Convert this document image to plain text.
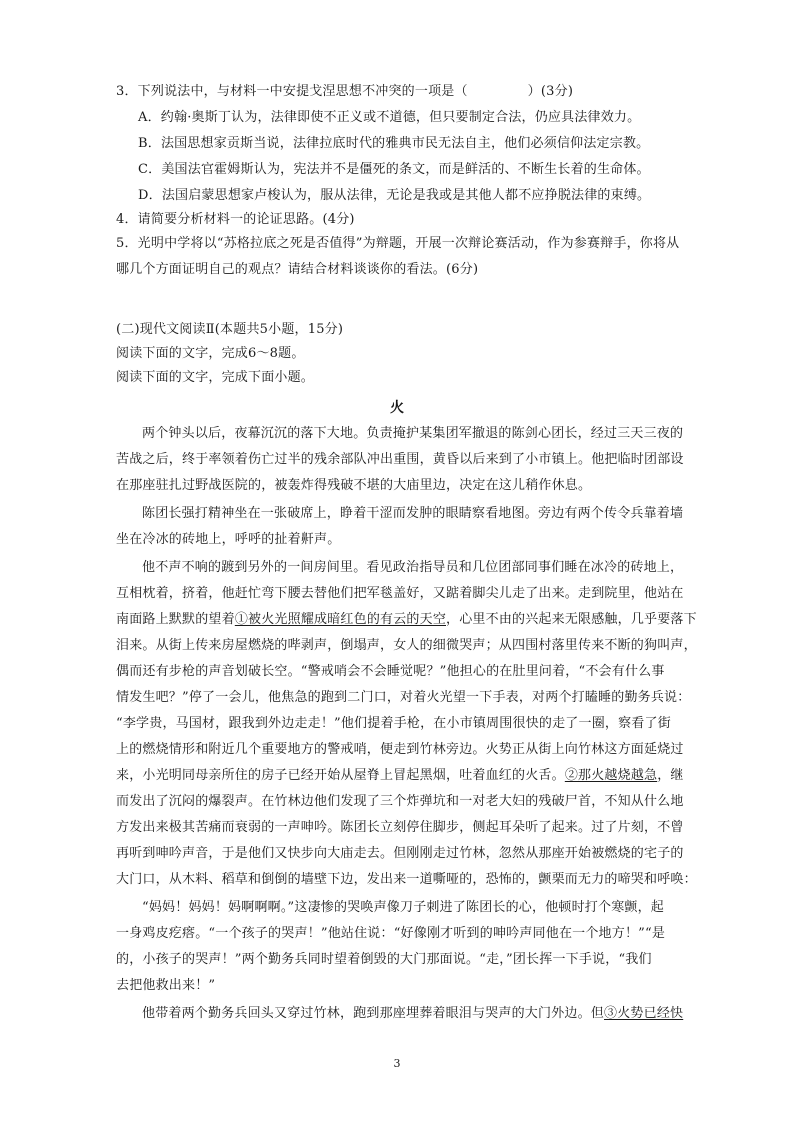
3．下列说法中，与材料一中安提戈涅思想不冲突的一项是（	）(3分)
A．约翰·奥斯丁认为，法律即使不正义或不道德，但只要制定合法，仍应具法律效力。
B．法国思想家贡斯当说，法律拉底时代的雅典市民无法自主，他们必须信仰法定宗教。
C．美国法官霍姆斯认为，宪法并不是僵死的条文，而是鲜活的、不断生长着的生命体。
D．法国启蒙思想家卢梭认为，服从法律，无论是我或是其他人都不应挣脱法律的束缚。
4．请简要分析材料一的论证思路。(4分)
5．光明中学将以“苏格拉底之死是否值得”为辩题，开展一次辩论赛活动，作为参赛辩手，你将从
哪几个方面证明自己的观点？请结合材料谈谈你的看法。(6分)
(二)现代文阅读Ⅱ(本题共5小题，15分)
阅读下面的文字，完成6～8题。
阅读下面的文字，完成下面小题。
火
两个钟头以后，夜幕沉沉的落下大地。负责掩护某集团军撤退的陈剑心团长，经过三天三夜的
苦战之后，终于率领着伤亡过半的残余部队冲出重围，黄昏以后来到了小市镇上。他把临时团部设
在那座驻扎过野战医院的，被轰炸得残破不堪的大庙里边，决定在这儿稍作休息。
陈团长强打精神坐在一张破席上，睁着干涩而发肿的眼睛察看地图。旁边有两个传令兵靠着墙
坐在冷冰的砖地上，呼呼的扯着鼾声。
他不声不响的踱到另外的一间房间里。看见政治指导员和几位团部同事们睡在冰冷的砖地上，
互相枕着，挤着，他赶忙弯下腰去替他们把军毯盖好，又踮着脚尖儿走了出来。走到院里，他站在
南面路上默默的望着①被火光照耀成暗红色的有云的天空，心里不由的兴起来无限感触，几乎要落下
泪来。从街上传来房屋燃烧的哔剥声，倒塌声，女人的细微哭声；从四围村落里传来不断的狗叫声，
偶而还有步枪的声音划破长空。“警戒哨会不会睡觉呢？”他担心的在肚里问着，“不会有什么事
情发生吧？”停了一会儿，他焦急的跑到二门口，对着火光望一下手表，对两个打瞌睡的勤务兵说：
“李学贵，马国材，跟我到外边走走！”他们提着手枪，在小市镇周围很快的走了一圈，察看了街
上的燃烧情形和附近几个重要地方的警戒哨，便走到竹林旁边。火势正从街上向竹林这方面延烧过
来，小光明同母亲所住的房子已经开始从屋脊上冒起黑烟，吐着血红的火舌。②那火越烧越急，继
而发出了沉闷的爆裂声。在竹林边他们发现了三个炸弹坑和一对老大妇的残破尸首，不知从什么地
方发出来极其苦痛而衰弱的一声呻吟。陈团长立刻停住脚步，侧起耳朵听了起来。过了片刻，不曾
再听到呻吟声音，于是他们又快步向大庙走去。但刚刚走过竹林，忽然从那座开始被燃烧的宅子的
大门口，从木料、稻草和倒倒的墙壁下边，发出来一道嘶哑的，恐怖的，颤栗而无力的啼哭和呼唤：
“妈妈！妈妈！妈啊啊啊。”这凄惨的哭唤声像刀子刺进了陈团长的心，他顿时打个寒颤，起
一身鸡皮疙瘩。“一个孩子的哭声！”他站住说：“好像刚才听到的呻吟声同他在一个地方！”“是
的，小孩子的哭声！”两个勤务兵同时望着倒毁的大门那面说。“走，”团长挥一下手说，“我们
去把他救出来！”
他带着两个勤务兵回头又穿过竹林，跑到那座埋葬着眼泪与哭声的大门外边。但③火势已经快
3
